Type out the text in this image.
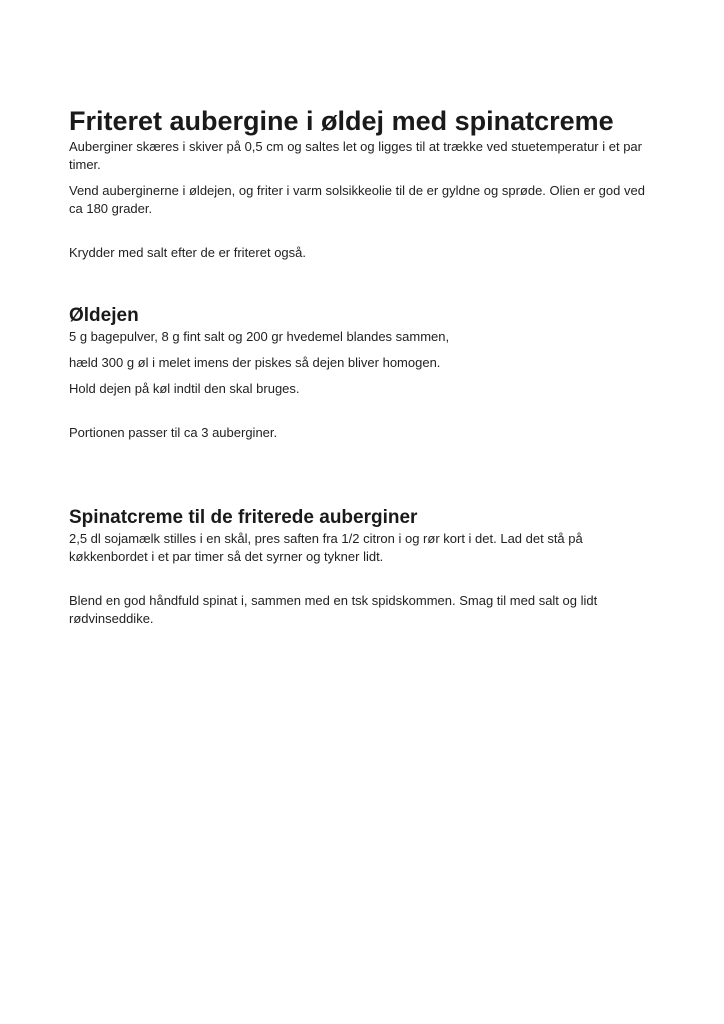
Friteret aubergine i øldej med spinatcreme

Auberginer skæres i skiver på 0,5 cm og saltes let og ligges til at trække ved stuetemperatur i et par timer.

Vend auberginerne i øldejen, og friter i varm solsikkeolie til de er gyldne og sprøde. Olien er god ved ca 180 grader.

Krydder med salt efter de er friteret også.

Øldejen

5 g bagepulver, 8 g fint salt og 200 gr hvedemel blandes sammen,

hæld 300 g øl i melet imens der piskes så dejen bliver homogen.

Hold dejen på køl indtil den skal bruges.

Portionen passer til ca 3 auberginer.

Spinatcreme til de friterede auberginer

2,5 dl sojamælk stilles i en skål, pres saften fra 1/2 citron i og rør kort i det. Lad det stå på køkkenbordet i et par timer så det syrner og tykner lidt.

Blend en god håndfuld spinat i, sammen med en tsk spidskommen. Smag til med salt og lidt rødvinseddike.
